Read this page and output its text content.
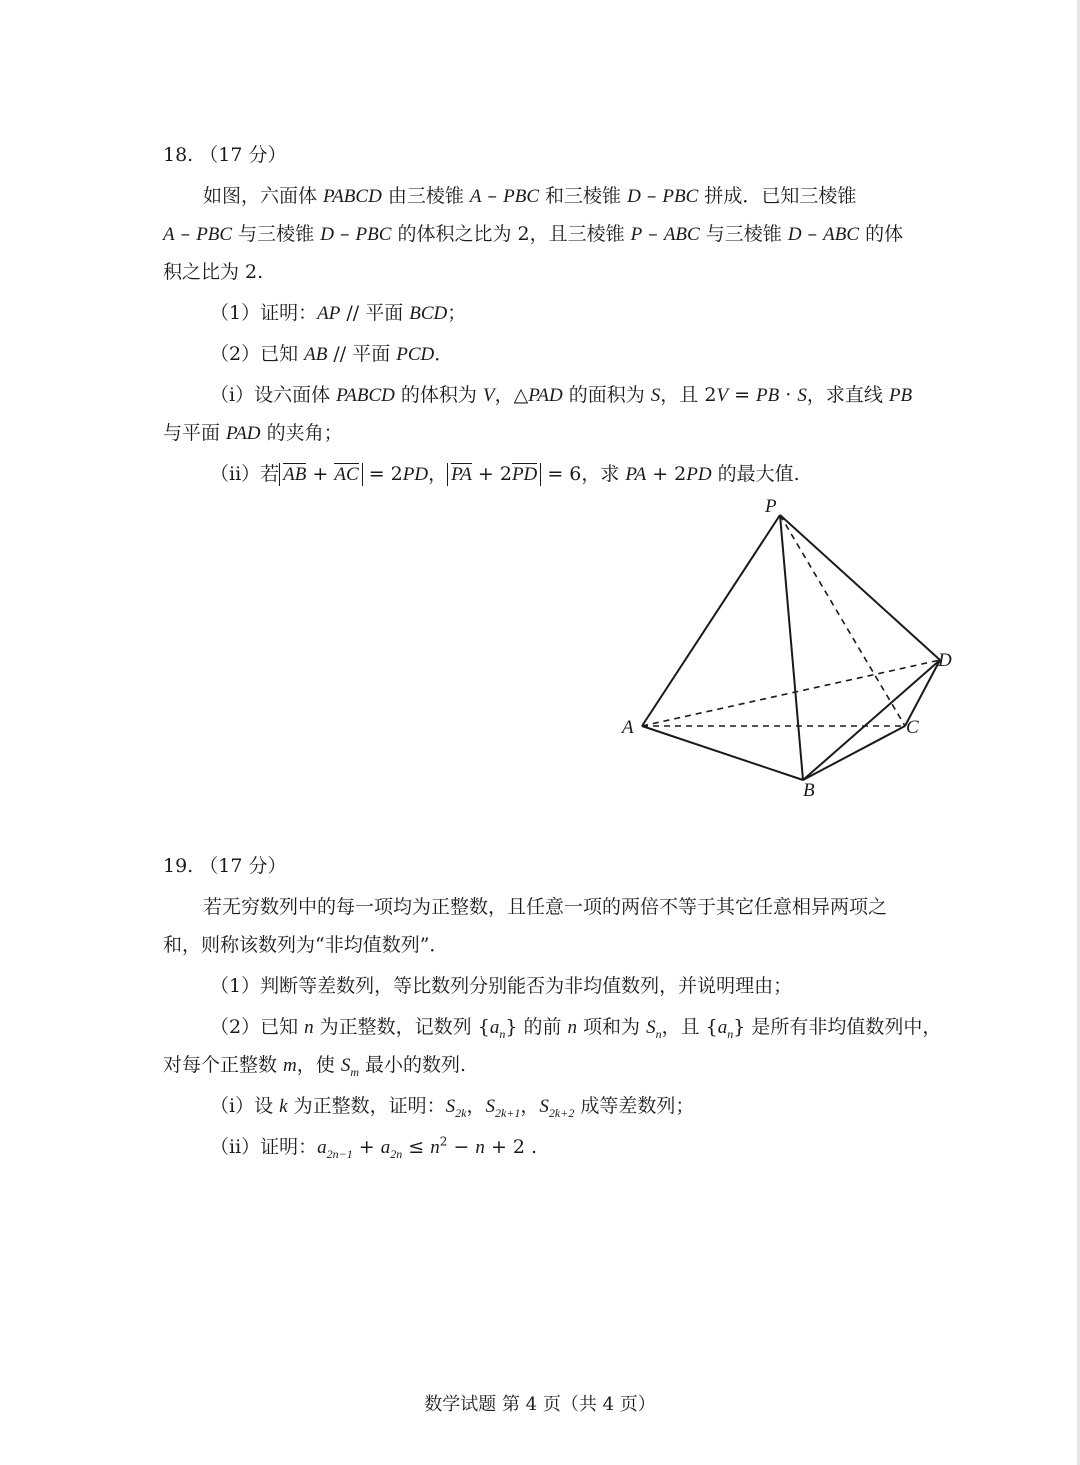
18. （17 分）
如图，六面体 PABCD 由三棱锥 A – PBC 和三棱锥 D – PBC 拼成．已知三棱锥
A – PBC 与三棱锥 D – PBC 的体积之比为 2，且三棱锥 P – ABC 与三棱锥 D – ABC 的体
积之比为 2.
（1）证明：AP // 平面 BCD；
（2）已知 AB // 平面 PCD．
（i）设六面体 PABCD 的体积为 V，△PAD 的面积为 S，且 2V = PB · S，求直线 PB
与平面 PAD 的夹角；
（ii）若 AB + AC = 2PD， PA + 2PD = 6，求 PA + 2PD 的最大值.
P
A
B
C
D
19. （17 分）
若无穷数列中的每一项均为正整数，且任意一项的两倍不等于其它任意相异两项之
和，则称该数列为“非均值数列”．
（1）判断等差数列，等比数列分别能否为非均值数列，并说明理由；
（2）已知 n 为正整数，记数列 $\{a_n\}$ 的前 n 项和为 $S_n$，且 $\{a_n\}$ 是所有非均值数列中，
对每个正整数 m，使 $S_m$ 最小的数列.
（i）设 k 为正整数，证明：$S_{2k}$，$S_{2k+1}$，$S_{2k+2}$ 成等差数列；
（ii）证明：$a_{2n-1} + a_{2n} \le n^2 - n + 2$ .
数学试题 第 4 页（共 4 页）
